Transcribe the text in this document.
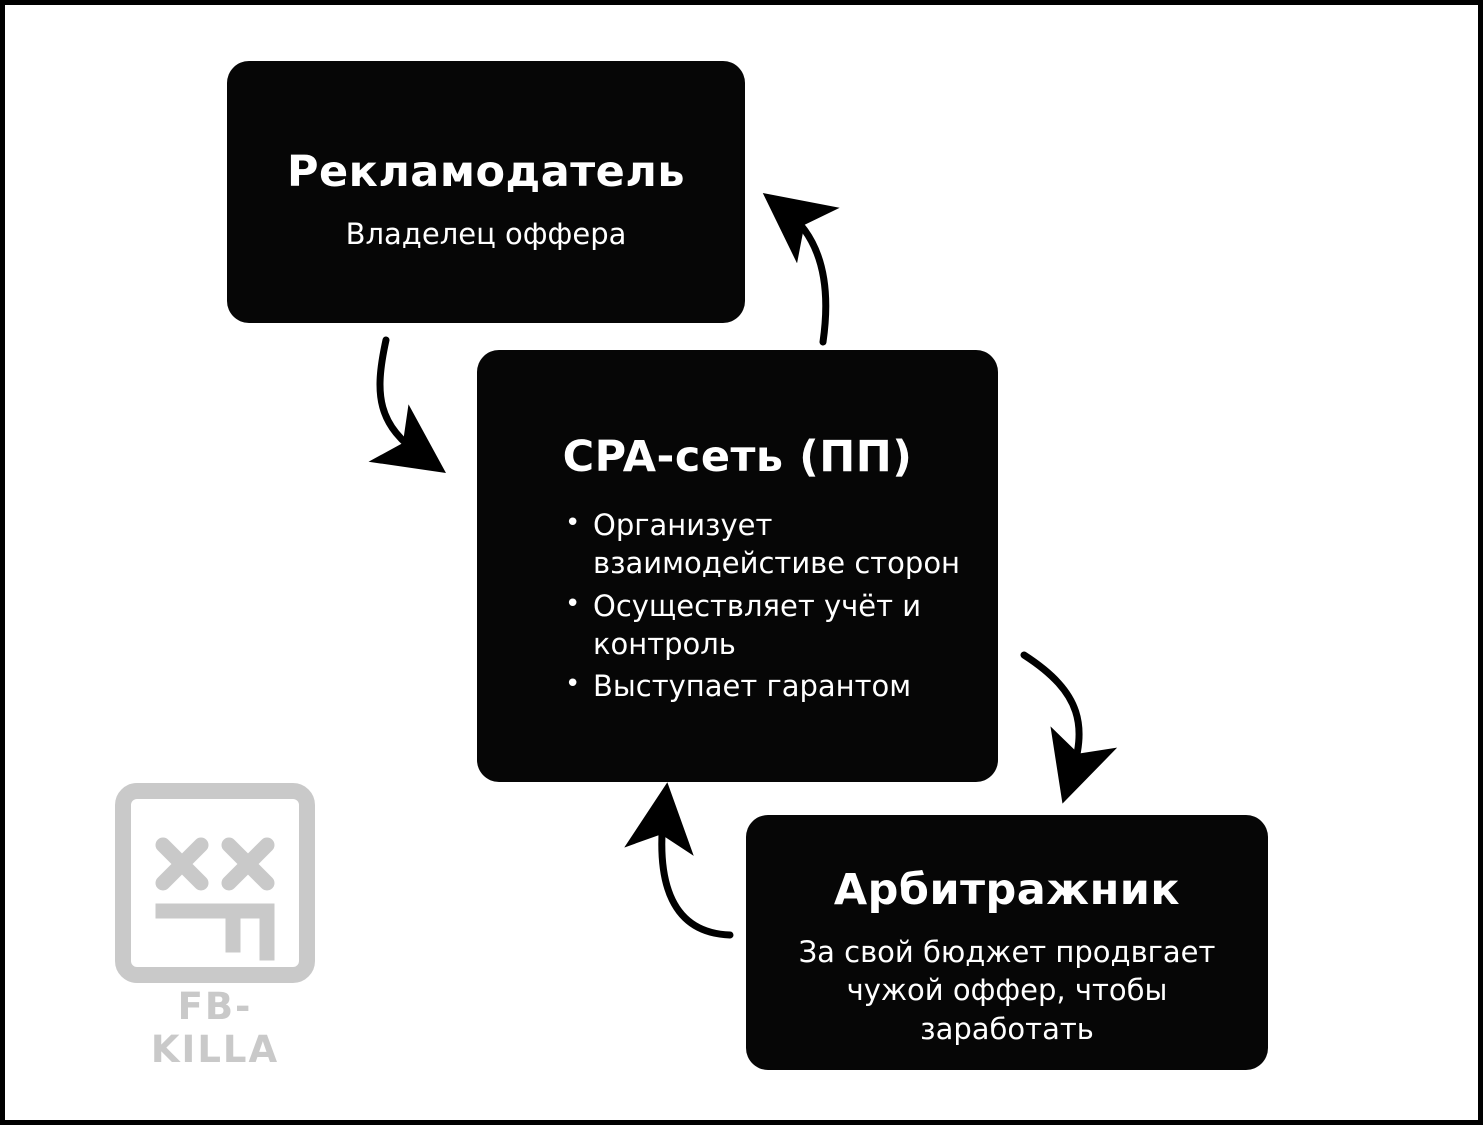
Рекламодатель
Владелец оффера
CPA-сеть (ПП)
• Организует взаимодейстиве сторон
• Осуществляет учёт и контроль
• Выступает гарантом
Арбитражник
За свой бюджет продвгает чужой оффер, чтобы заработать
FB-KILLA
